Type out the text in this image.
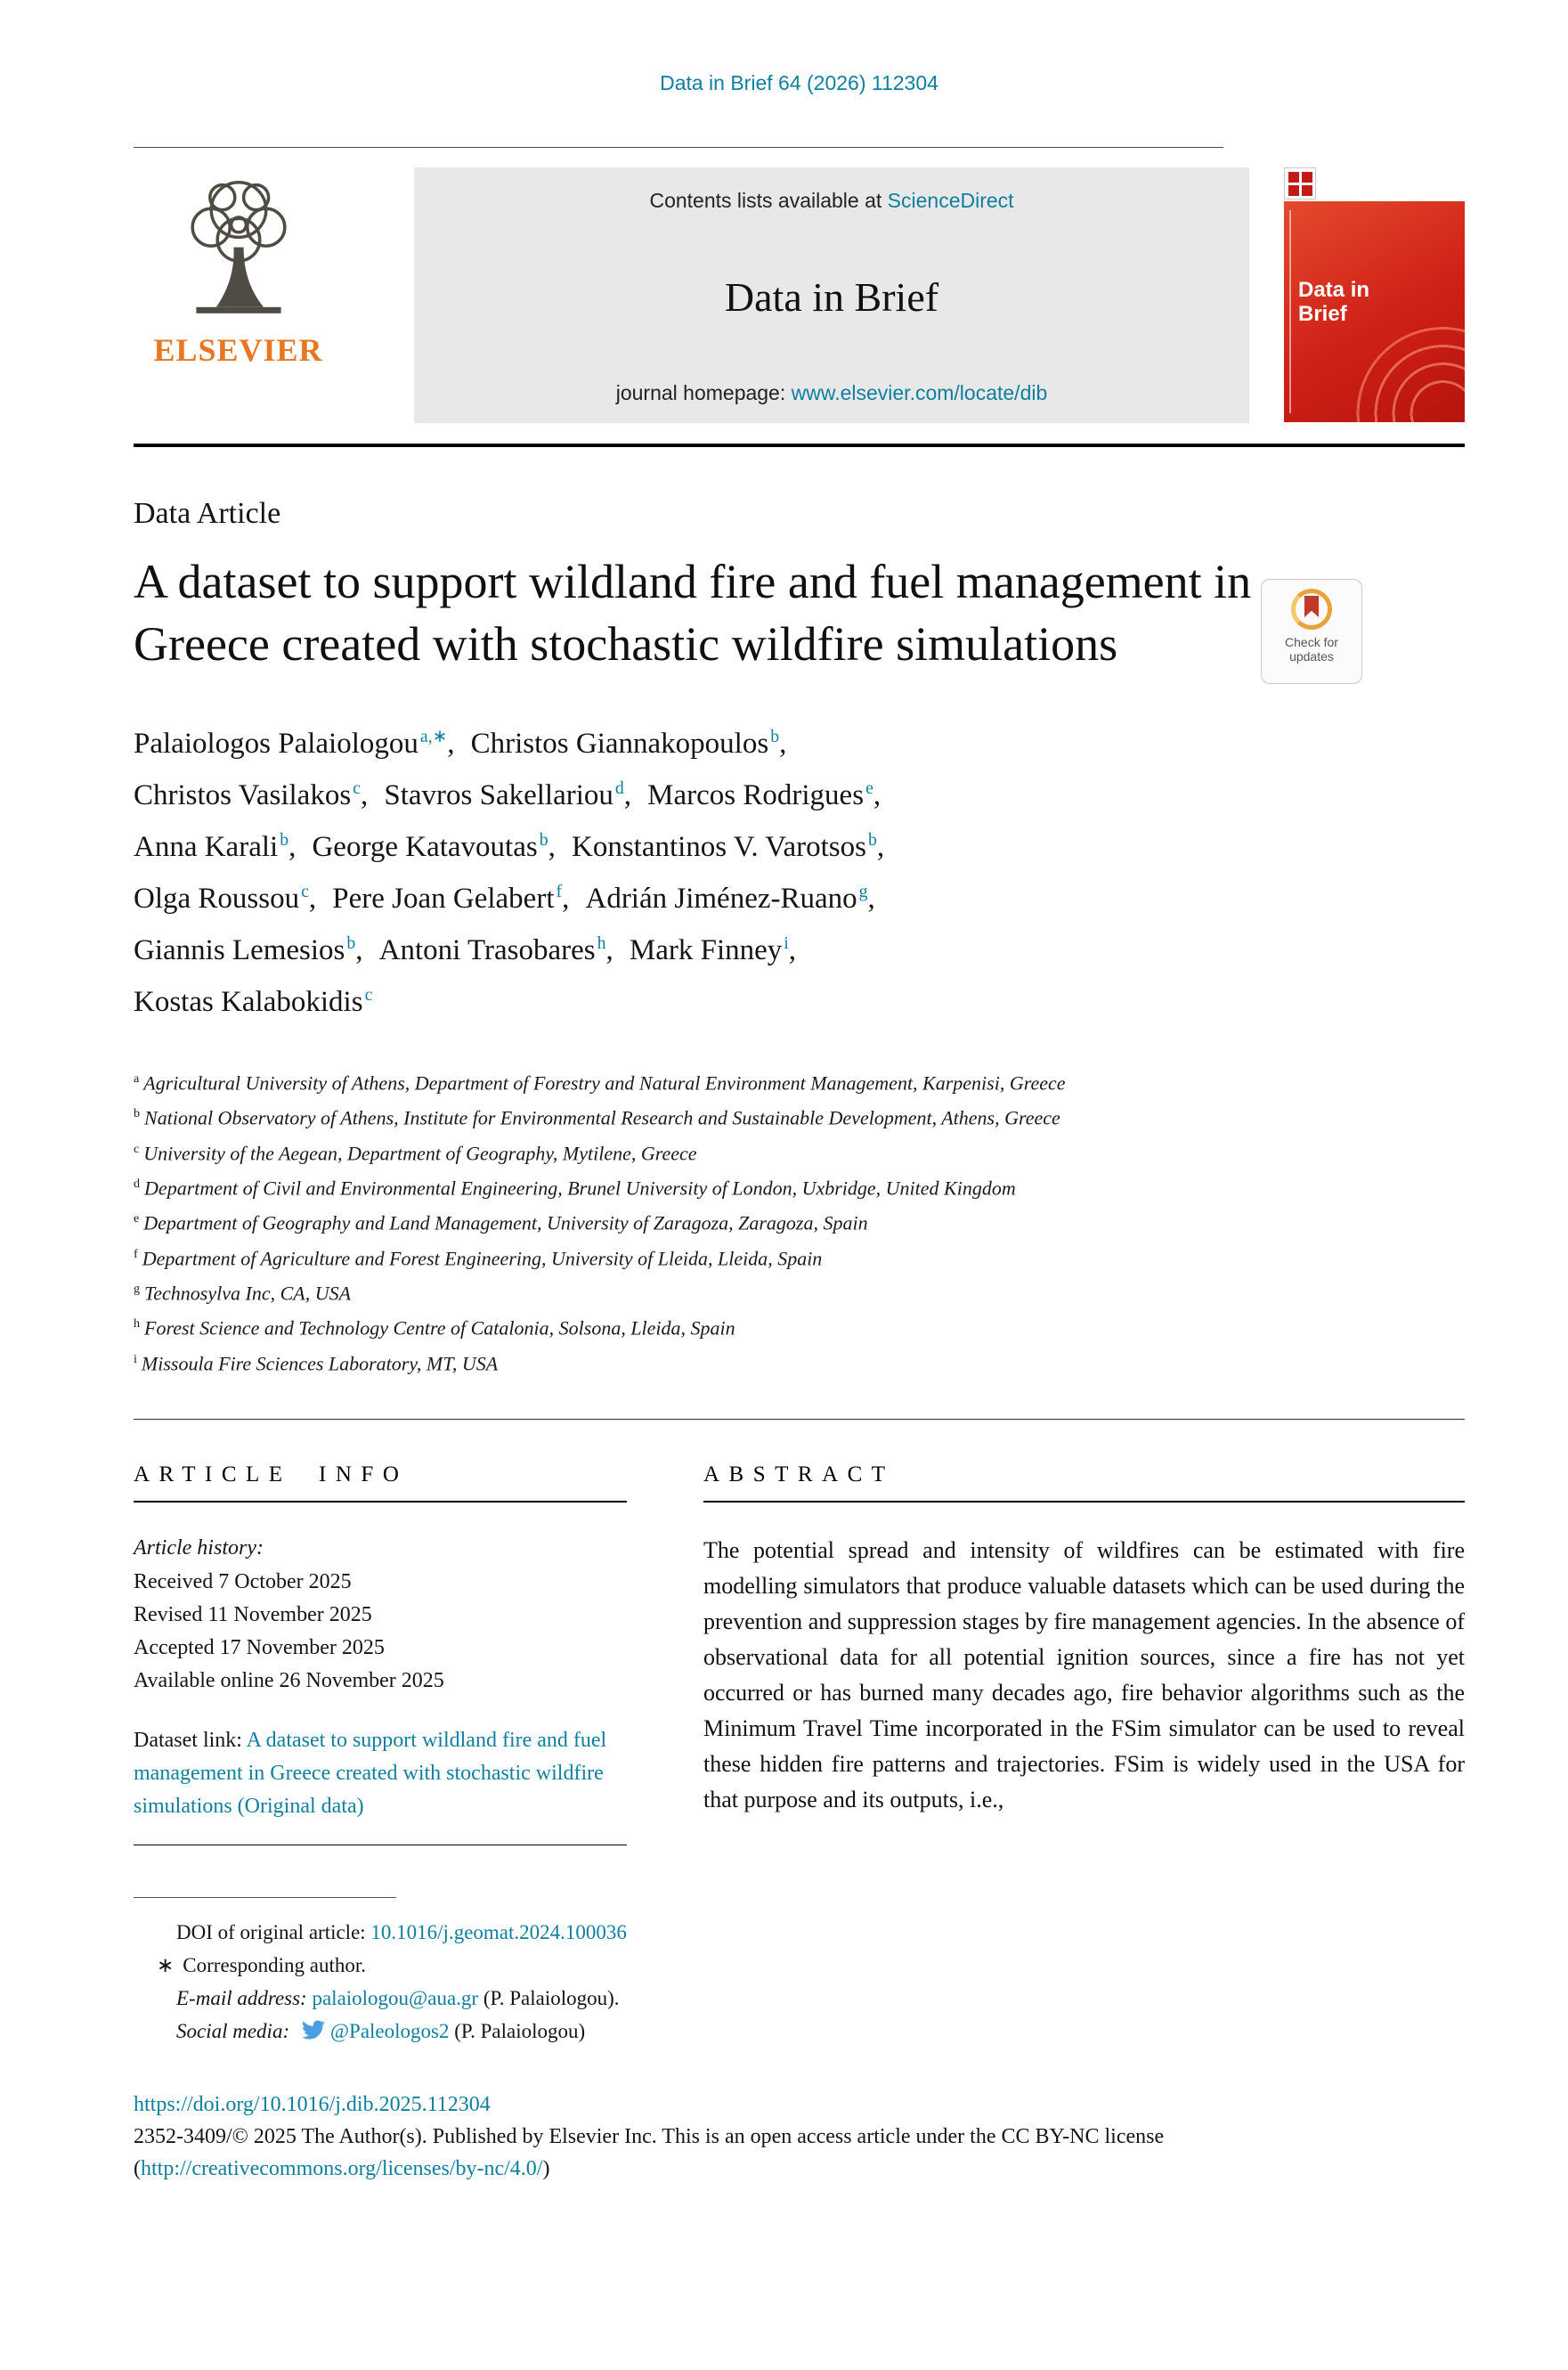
Data in Brief 64 (2026) 112304
ELSEVIER
Contents lists available at ScienceDirect
Data in Brief
journal homepage: www.elsevier.com/locate/dib
Data in Brief
Data Article
A dataset to support wildland fire and fuel management in Greece created with stochastic wildfire simulations
Palaiologos Palaiologou $^{a,∗}$, Christos Giannakopoulos $^b$,
Christos Vasilakos $^c$, Stavros Sakellariou $^d$, Marcos Rodrigues $^e$,
Anna Karali $^b$, George Katavoutas $^b$, Konstantinos V. Varotsos $^b$,
Olga Roussou $^c$, Pere Joan Gelabert $^f$, Adrián Jiménez-Ruano $^g$,
Giannis Lemesios $^b$, Antoni Trasobares $^h$, Mark Finney $^i$,
Kostas Kalabokidis $^c$
$^a$ Agricultural University of Athens, Department of Forestry and Natural Environment Management, Karpenisi, Greece
$^b$ National Observatory of Athens, Institute for Environmental Research and Sustainable Development, Athens, Greece
$^c$ University of the Aegean, Department of Geography, Mytilene, Greece
$^d$ Department of Civil and Environmental Engineering, Brunel University of London, Uxbridge, United Kingdom
$^e$ Department of Geography and Land Management, University of Zaragoza, Zaragoza, Spain
$^f$ Department of Agriculture and Forest Engineering, University of Lleida, Lleida, Spain
$^g$ Technosylva Inc, CA, USA
$^h$ Forest Science and Technology Centre of Catalonia, Solsona, Lleida, Spain
$^i$ Missoula Fire Sciences Laboratory, MT, USA
ARTICLE INFO
Article history:
Received 7 October 2025
Revised 11 November 2025
Accepted 17 November 2025
Available online 26 November 2025
Dataset link: A dataset to support wildland fire and fuel management in Greece created with stochastic wildfire simulations (Original data)
ABSTRACT
The potential spread and intensity of wildfires can be estimated with fire modelling simulators that produce valuable datasets which can be used during the prevention and suppression stages by fire management agencies. In the absence of observational data for all potential ignition sources, since a fire has not yet occurred or has burned many decades ago, fire behavior algorithms such as the Minimum Travel Time incorporated in the FSim simulator can be used to reveal these hidden fire patterns and trajectories. FSim is widely used in the USA for that purpose and its outputs, i.e.,
DOI of original article: 10.1016/j.geomat.2024.100036
∗ Corresponding author.
E-mail address: palaiologou@aua.gr (P. Palaiologou).
Social media: @Paleologos2 (P. Palaiologou)
https://doi.org/10.1016/j.dib.2025.112304
2352-3409/© 2025 The Author(s). Published by Elsevier Inc. This is an open access article under the CC BY-NC license
(http://creativecommons.org/licenses/by-nc/4.0/)
Check for
updates
